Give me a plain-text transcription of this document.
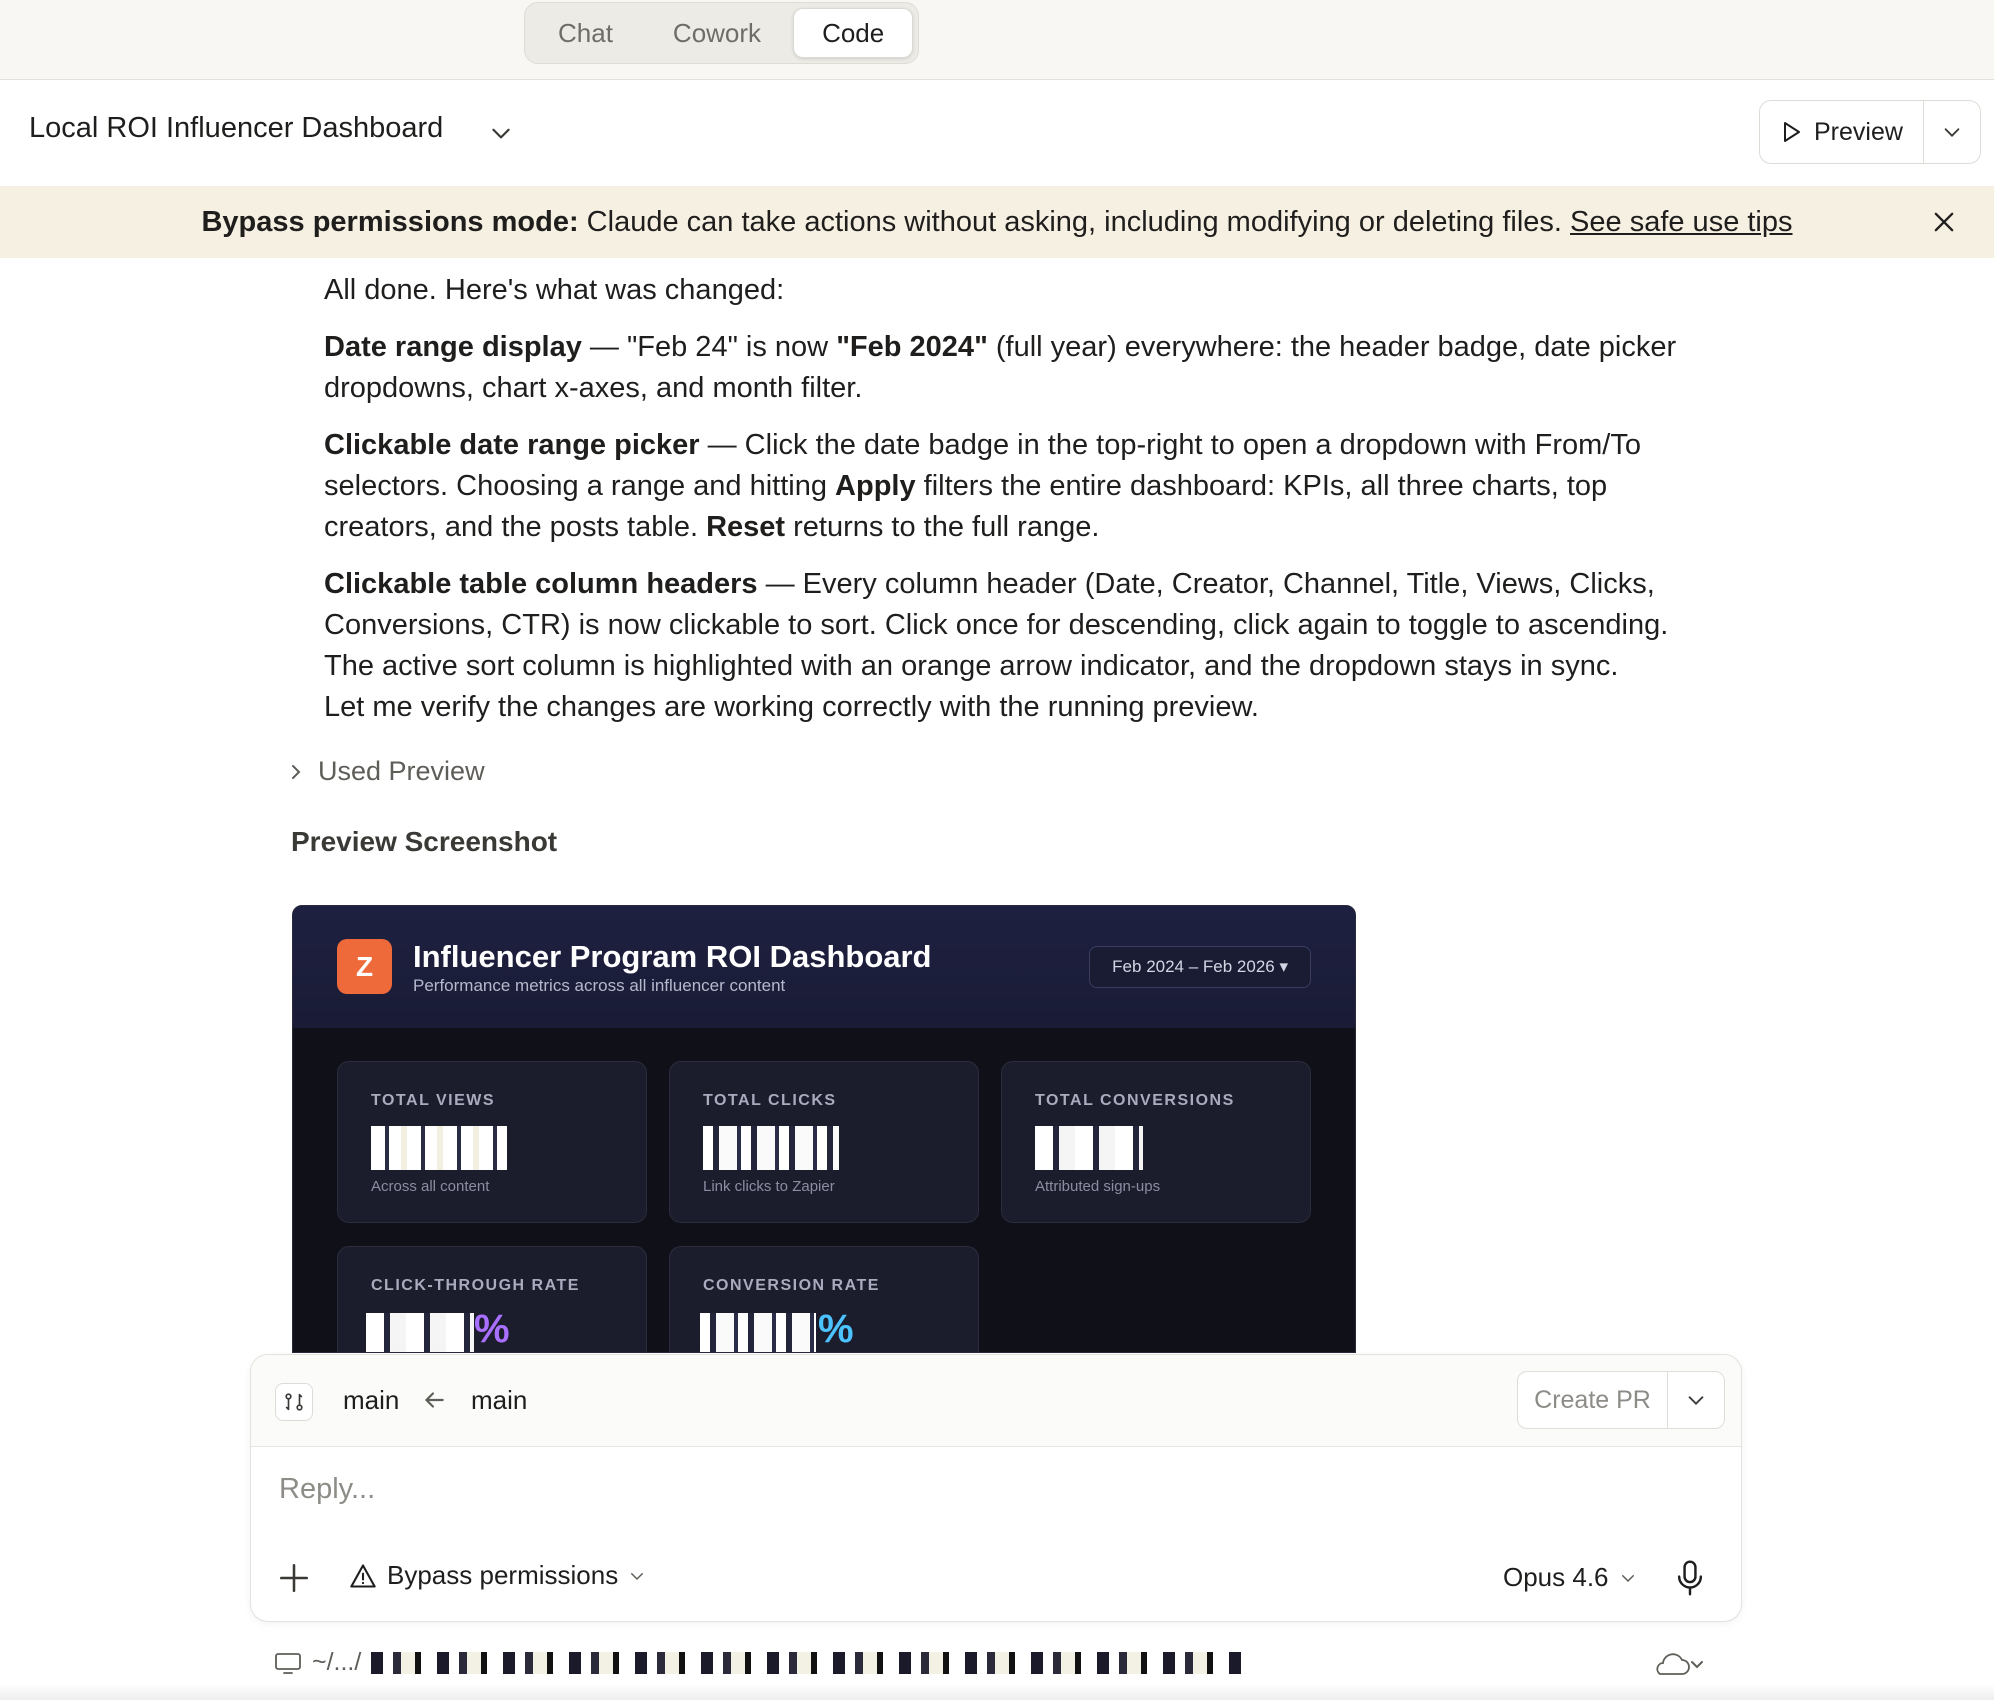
Chat	Cowork	Code
Local ROI Influencer Dashboard	Preview
Bypass permissions mode: Claude can take actions without asking, including modifying or deleting files. See safe use tips

All done. Here's what was changed:

Date range display — "Feb 24" is now "Feb 2024" (full year) everywhere: the header badge, date picker dropdowns, chart x-axes, and month filter.

Clickable date range picker — Click the date badge in the top-right to open a dropdown with From/To selectors. Choosing a range and hitting Apply filters the entire dashboard: KPIs, all three charts, top creators, and the posts table. Reset returns to the full range.

Clickable table column headers — Every column header (Date, Creator, Channel, Title, Views, Clicks, Conversions, CTR) is now clickable to sort. Click once for descending, click again to toggle to ascending. The active sort column is highlighted with an orange arrow indicator, and the dropdown stays in sync.
Let me verify the changes are working correctly with the running preview.

Used Preview
Preview Screenshot
Z	Influencer Program ROI Dashboard
Performance metrics across all influencer content
Feb 2024 – Feb 2026 ▾
TOTAL VIEWS
Across all content
TOTAL CLICKS
Link clicks to Zapier
TOTAL CONVERSIONS
Attributed sign-ups
CLICK-THROUGH RATE
%
CONVERSION RATE
%
main	main	Create PR
Reply...
Bypass permissions	Opus 4.6
~/.../
